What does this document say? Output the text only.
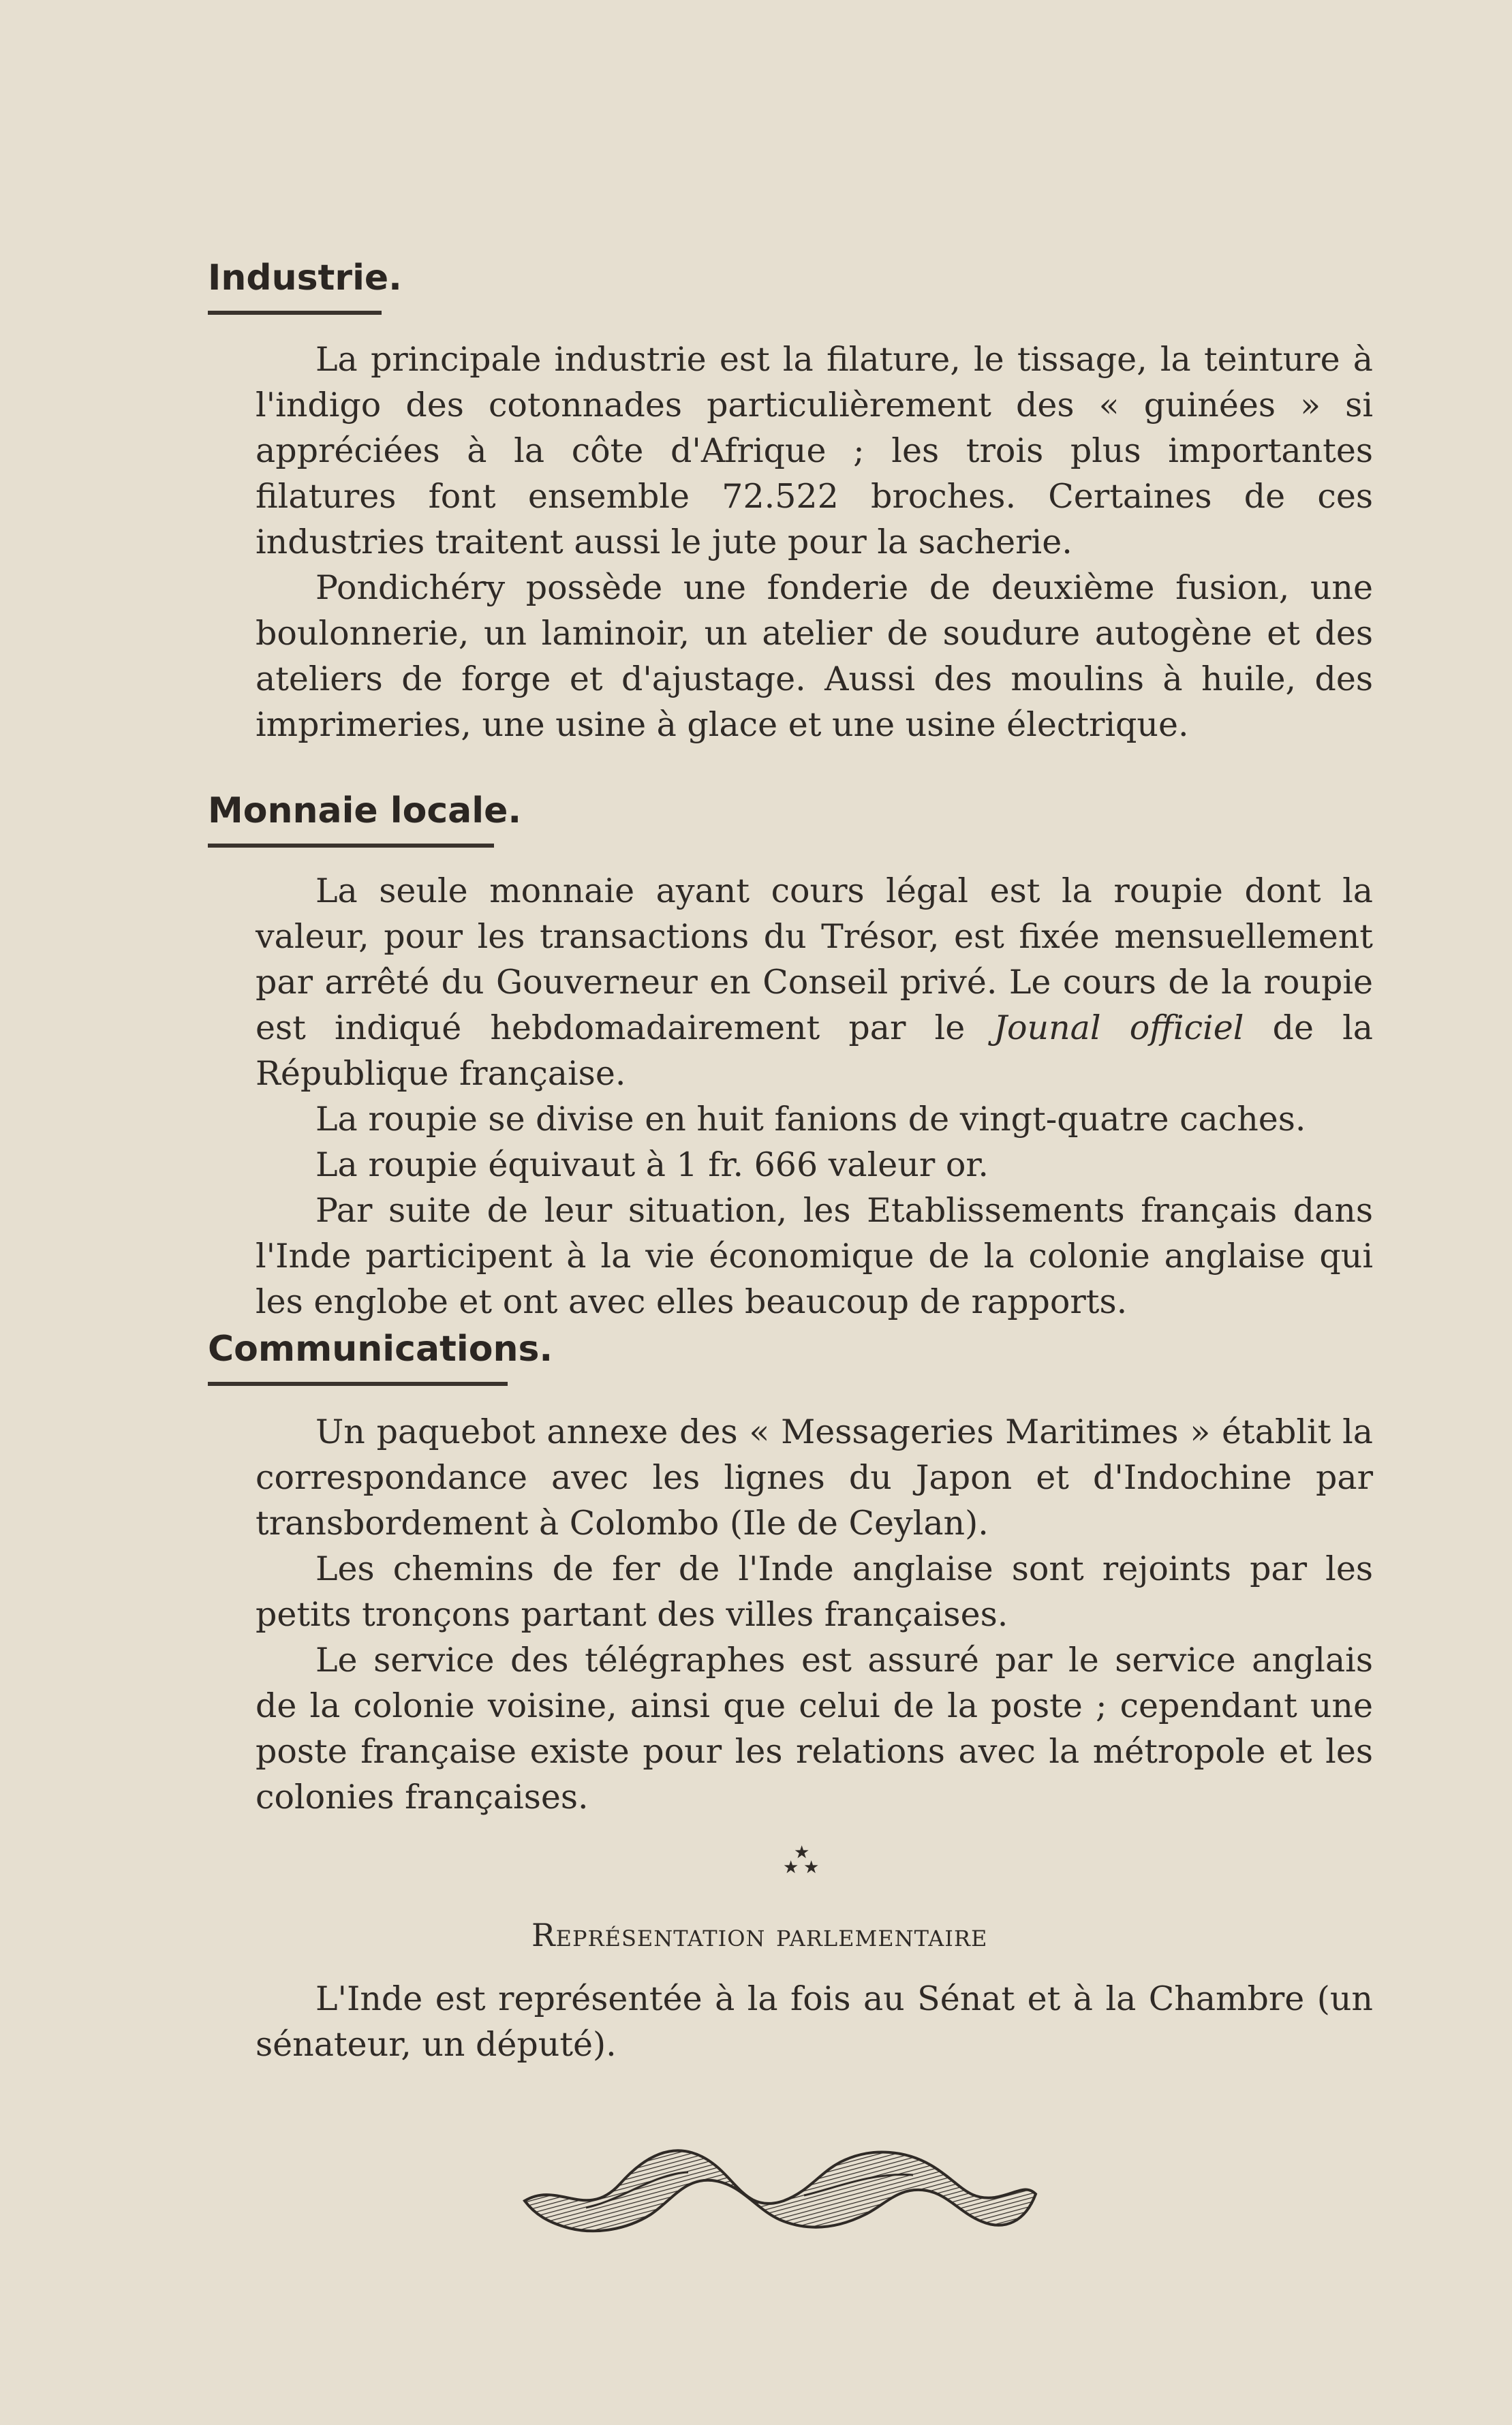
Industrie.

La principale industrie est la filature, le tissage, la teinture à l'indigo des cotonnades particulièrement des « guinées » si appréciées à la côte d'Afrique ; les trois plus importantes filatures font ensemble 72.522 broches. Certaines de ces industries traitent aussi le jute pour la sacherie.

Pondichéry possède une fonderie de deuxième fusion, une boulonnerie, un laminoir, un atelier de soudure autogène et des ateliers de forge et d'ajustage. Aussi des moulins à huile, des imprimeries, une usine à glace et une usine électrique.

Monnaie locale.

La seule monnaie ayant cours légal est la roupie dont la valeur, pour les transactions du Trésor, est fixée mensuellement par arrêté du Gouverneur en Conseil privé. Le cours de la roupie est indiqué hebdomadairement par le Jounal officiel de la République française.

La roupie se divise en huit fanions de vingt-quatre caches.

La roupie équivaut à 1 fr. 666 valeur or.

Par suite de leur situation, les Etablissements français dans l'Inde participent à la vie économique de la colonie anglaise qui les englobe et ont avec elles beaucoup de rapports.

Communications.

Un paquebot annexe des « Messageries Maritimes » établit la correspondance avec les lignes du Japon et d'Indochine par transbordement à Colombo (Ile de Ceylan).

Les chemins de fer de l'Inde anglaise sont rejoints par les petits tronçons partant des villes françaises.

Le service des télégraphes est assuré par le service anglais de la colonie voisine, ainsi que celui de la poste ; cependant une poste française existe pour les relations avec la métropole et les colonies françaises.

★
★ ★
Représentation parlementaire

L'Inde est représentée à la fois au Sénat et à la Chambre (un sénateur, un député).
